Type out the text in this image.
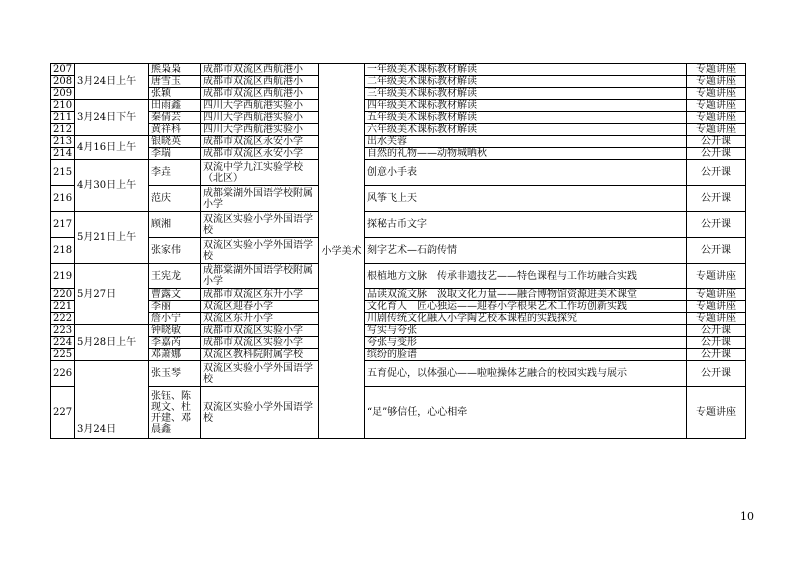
207	3月24日上午	熊枭枭	成都市双流区西航港小	小学美术	一年级美术课标教材解读	专题讲座
208		唐雪玉	成都市双流区西航港小		二年级美术课标教材解读	专题讲座
209		张颖	成都市双流区西航港小		三年级美术课标教材解读	专题讲座
210	3月24日下午	田雨鑫	四川大学西航港实验小		四年级美术课标教材解读	专题讲座
211		秦倩芸	四川大学西航港实验小		五年级美术课标教材解读	专题讲座
212		黄祥科	四川大学西航港实验小		六年级美术课标教材解读	专题讲座
213	4月16日上午	银晓英	成都市双流区永安小学		出水芙蓉	公开课
214		李瑞	成都市双流区永安小学		自然的礼物——动物城晒秋	公开课
215	4月30日上午	李垚	双流中学九江实验学校（北区）		创意小手表	公开课
216		范庆	成都棠湖外国语学校附属小学		风筝飞上天	公开课
217	5月21日上午	顾湘	双流区实验小学外国语学校		探秘古币文字	公开课
218		张家伟	双流区实验小学外国语学校		刻字艺术—石韵传情	公开课
219	5月27日	王宪龙	成都棠湖外国语学校附属小学		根植地方文脉　传承非遗技艺——特色课程与工作坊融合实践	专题讲座
220		曹露文	成都市双流区东升小学		品读双流文脉　汲取文化力量——融合博物馆资源进美术课堂	专题讲座
221		李丽	双流区迎春小学		文化育人　匠心独运——迎春小学根果艺术工作坊创新实践	专题讲座
222		詹小宁	双流区东升小学		川剧传统文化融入小学陶艺校本课程的实践探究	专题讲座
223	5月28日上午	钟晓敏	成都市双流区实验小学		写实与夸张	公开课
224		李嘉芮	成都市双流区实验小学		夸张与变形	公开课
225		邓萧娜	双流区教科院附属学校		缤纷的脸谱	公开课
226	3月24日	张玉琴	双流区实验小学外国语学校		五育促心，以体强心——啦啦操体艺融合的校园实践与展示	公开课
227		张钰、陈现文、杜开建、邓晨鑫	双流区实验小学外国语学校		“足”够信任，心心相牵	专题讲座
10
